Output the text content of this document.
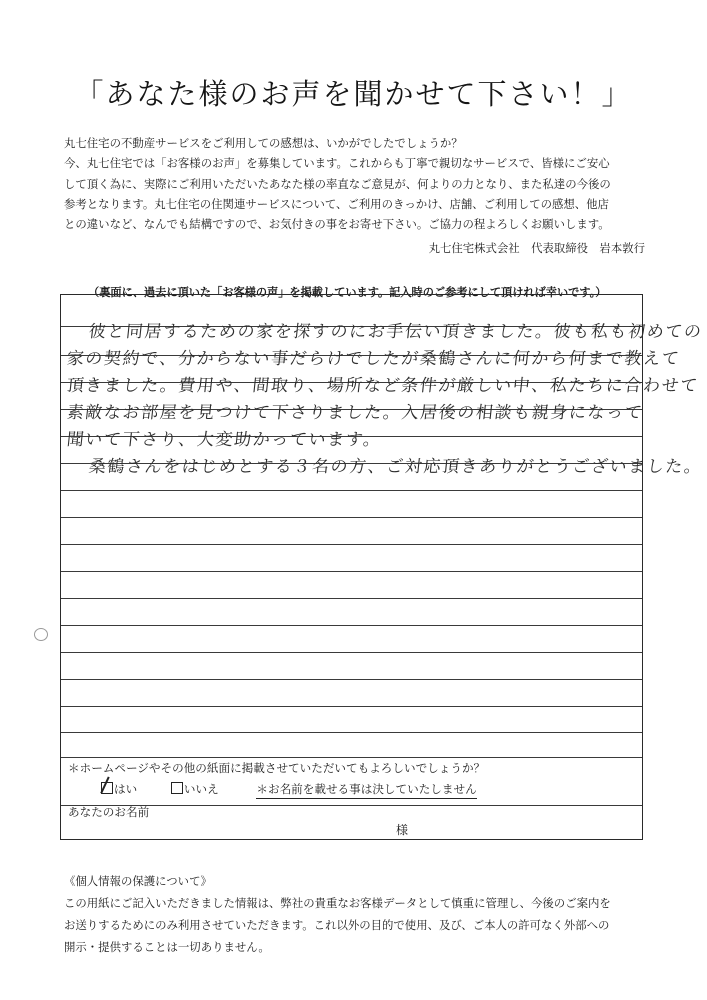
「あなた様のお声を聞かせて下さい！」
丸七住宅の不動産サービスをご利用しての感想は、いかがでしたでしょうか？
今、丸七住宅では「お客様のお声」を募集しています。これからも丁寧で親切なサービスで、皆様にご安心
して頂く為に、実際にご利用いただいたあなた様の率直なご意見が、何よりの力となり、また私達の今後の
参考となります。丸七住宅の住関連サービスについて、ご利用のきっかけ、店舗、ご利用しての感想、他店
との違いなど、なんでも結構ですので、お気付きの事をお寄せ下さい。ご協力の程よろしくお願いします。
丸七住宅株式会社　代表取締役　岩本敦行
（裏面に、過去に頂いた「お客様の声」を掲載しています。記入時のご参考にして頂ければ幸いです。）
彼と同居するための家を探すのにお手伝い頂きました。彼も私も初めての
家の契約で、分からない事だらけでしたが桑鶴さんに何から何まで教えて
頂きました。費用や、間取り、場所など条件が厳しい中、私たちに合わせて
素敵なお部屋を見つけて下さりました。入居後の相談も親身になって
聞いて下さり、大変助かっています。
桑鶴さんをはじめとする３名の方、ご対応頂きありがとうございました。
＊ホームページやその他の紙面に掲載させていただいてもよろしいでしょうか？
はい	いいえ	＊お名前を載せる事は決していたしません
あなたのお名前
様
《個人情報の保護について》
この用紙にご記入いただきました情報は、弊社の貴重なお客様データとして慎重に管理し、今後のご案内を
お送りするためにのみ利用させていただきます。これ以外の目的で使用、及び、ご本人の許可なく外部への
開示・提供することは一切ありません。
